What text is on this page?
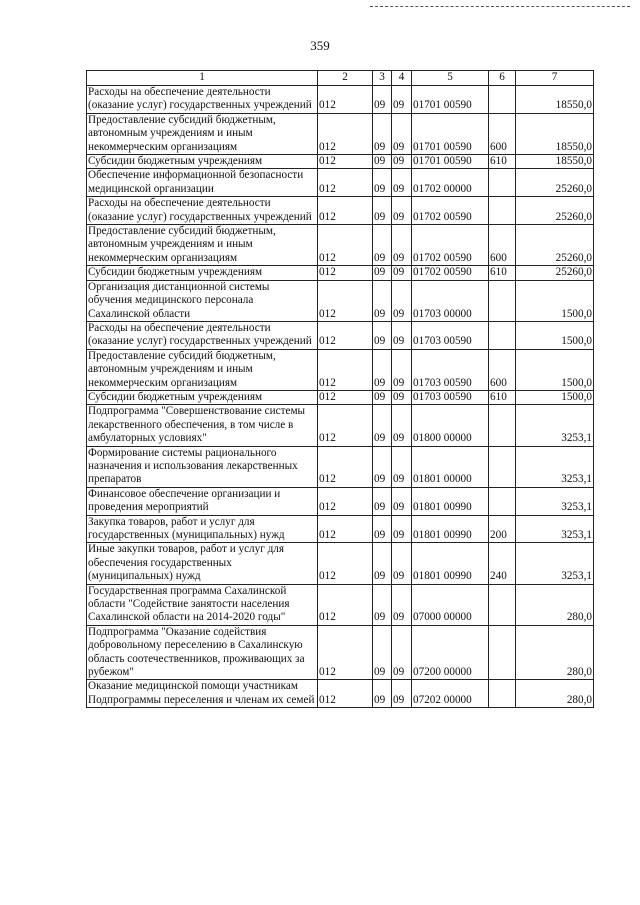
359
1	2	3	4	5	6	7
Расходы на обеспечение деятельности (оказание услуг) государственных учреждений	012	09	09	01701 00590		18550,0
Предоставление субсидий бюджетным, автономным учреждениям и иным некоммерческим организациям	012	09	09	01701 00590	600	18550,0
Субсидии бюджетным учреждениям	012	09	09	01701 00590	610	18550,0
Обеспечение информационной безопасности медицинской организации	012	09	09	01702 00000		25260,0
Расходы на обеспечение деятельности (оказание услуг) государственных учреждений	012	09	09	01702 00590		25260,0
Предоставление субсидий бюджетным, автономным учреждениям и иным некоммерческим организациям	012	09	09	01702 00590	600	25260,0
Субсидии бюджетным учреждениям	012	09	09	01702 00590	610	25260,0
Организация дистанционной системы обучения медицинского персонала Сахалинской области	012	09	09	01703 00000		1500,0
Расходы на обеспечение деятельности (оказание услуг) государственных учреждений	012	09	09	01703 00590		1500,0
Предоставление субсидий бюджетным, автономным учреждениям и иным некоммерческим организациям	012	09	09	01703 00590	600	1500,0
Субсидии бюджетным учреждениям	012	09	09	01703 00590	610	1500,0
Подпрограмма "Совершенствование системы лекарственного обеспечения, в том числе в амбулаторных условиях"	012	09	09	01800 00000		3253,1
Формирование системы рационального назначения и использования лекарственных препаратов	012	09	09	01801 00000		3253,1
Финансовое обеспечение организации и проведения мероприятий	012	09	09	01801 00990		3253,1
Закупка товаров, работ и услуг для государственных (муниципальных) нужд	012	09	09	01801 00990	200	3253,1
Иные закупки товаров, работ и услуг для обеспечения государственных (муниципальных) нужд	012	09	09	01801 00990	240	3253,1
Государственная программа Сахалинской области "Содействие занятости населения Сахалинской области на 2014-2020 годы"	012	09	09	07000 00000		280,0
Подпрограмма "Оказание содействия добровольному переселению в Сахалинскую область соотечественников, проживающих за рубежом"	012	09	09	07200 00000		280,0
Оказание медицинской помощи участникам Подпрограммы переселения и членам их семей	012	09	09	07202 00000		280,0
